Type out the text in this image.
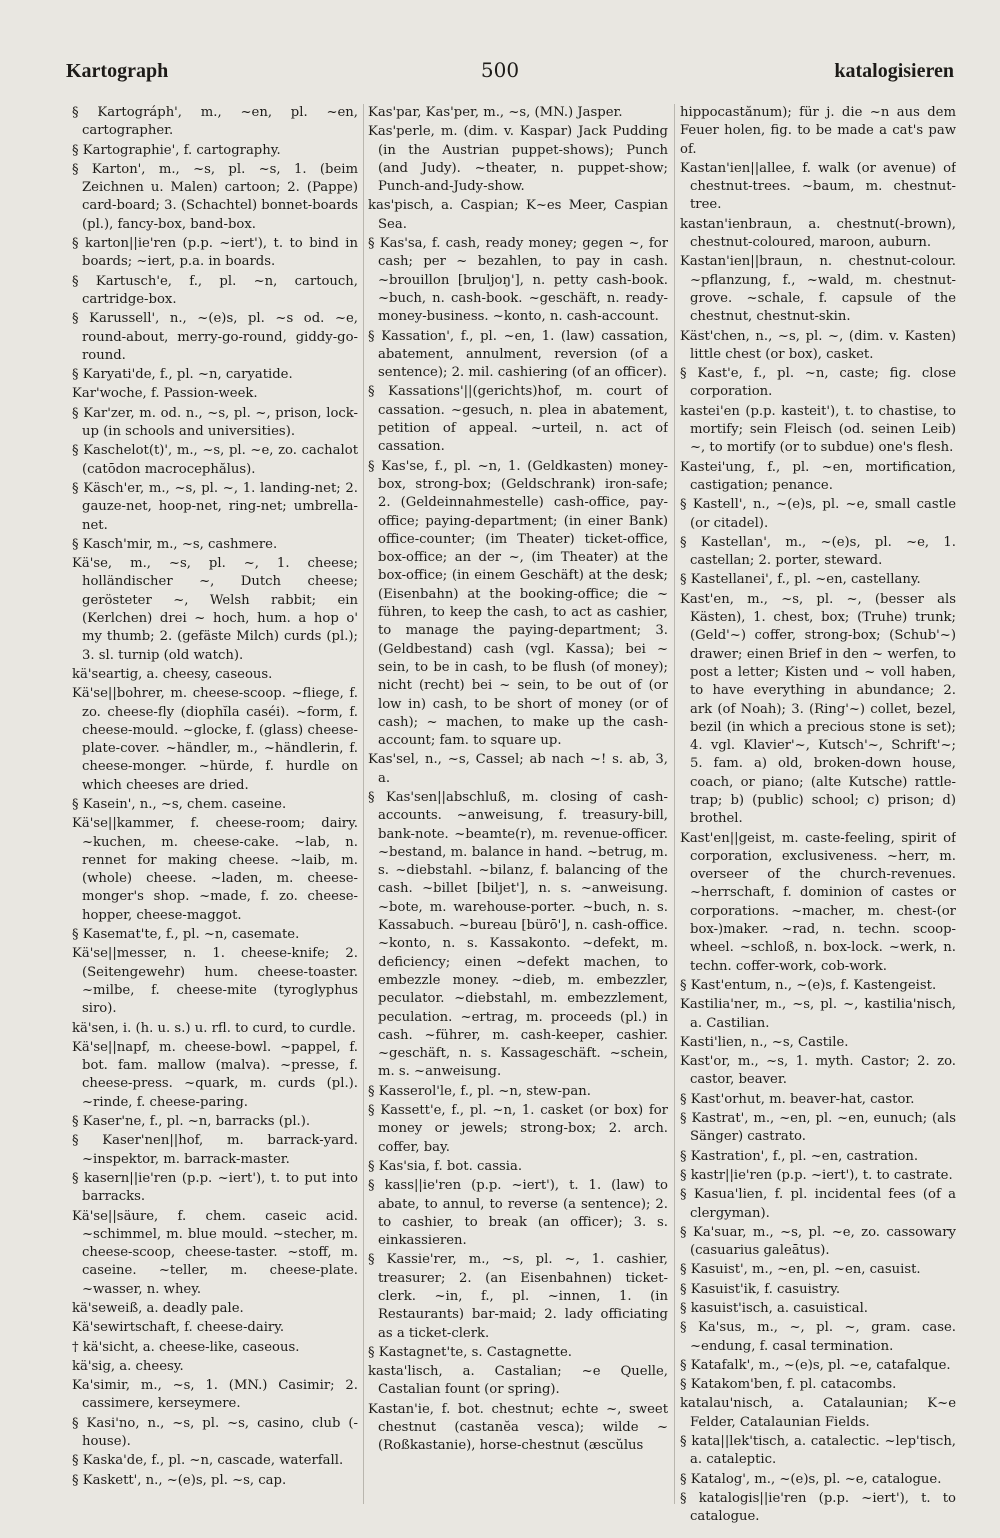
Kartograph	500	katalogisieren

§ Kartográph', m., ~en, pl. ~en, cartographer.

§ Kartographie', f. cartography.

§ Karton', m., ~s, pl. ~s, 1. (beim Zeichnen u. Malen) cartoon; 2. (Pappe) card-board; 3. (Schachtel) bonnet-boards (pl.), fancy-box, band-box.

§ karton||ie'ren (p.p. ~iert'), t. to bind in boards; ~iert, p.a. in boards.

§ Kartusch'e, f., pl. ~n, cartouch, cartridge-box.

§ Karussell', n., ~(e)s, pl. ~s od. ~e, round-about, merry-go-round, giddy-go-round.

§ Karyati'de, f., pl. ~n, caryatide.

Kar'woche, f. Passion-week.

§ Kar'zer, m. od. n., ~s, pl. ~, prison, lock-up (in schools and universities).

§ Kaschelot(t)', m., ~s, pl. ~e, zo. cachalot (catōdon macrocephălus).

§ Käsch'er, m., ~s, pl. ~, 1. landing-net; 2. gauze-net, hoop-net, ring-net; umbrella-net.

§ Kasch'mir, m., ~s, cashmere.

Kä'se, m., ~s, pl. ~, 1. cheese; holländischer ~, Dutch cheese; gerösteter ~, Welsh rabbit; ein (Kerlchen) drei ~ hoch, hum. a hop o' my thumb; 2. (gefäste Milch) curds (pl.); 3. sl. turnip (old watch).

kä'seartig, a. cheesy, caseous.

Kä'se||bohrer, m. cheese-scoop. ~fliege, f. zo. cheese-fly (diophĭla caséi). ~form, f. cheese-mould. ~glocke, f. (glass) cheese-plate-cover. ~händler, m., ~händlerin, f. cheese-monger. ~hürde, f. hurdle on which cheeses are dried.

§ Kasein', n., ~s, chem. caseine.

Kä'se||kammer, f. cheese-room; dairy. ~kuchen, m. cheese-cake. ~lab, n. rennet for making cheese. ~laib, m. (whole) cheese. ~laden, m. cheese-monger's shop. ~made, f. zo. cheese-hopper, cheese-maggot.

§ Kasemat'te, f., pl. ~n, casemate.

Kä'se||messer, n. 1. cheese-knife; 2. (Seitengewehr) hum. cheese-toaster. ~milbe, f. cheese-mite (tyroglyphus siro).

kä'sen, i. (h. u. s.) u. rfl. to curd, to curdle.

Kä'se||napf, m. cheese-bowl. ~pappel, f. bot. fam. mallow (malva). ~presse, f. cheese-press. ~quark, m. curds (pl.). ~rinde, f. cheese-paring.

§ Kaser'ne, f., pl. ~n, barracks (pl.).

§ Kaser'nen||hof, m. barrack-yard. ~inspektor, m. barrack-master.

§ kasern||ie'ren (p.p. ~iert'), t. to put into barracks.

Kä'se||säure, f. chem. caseic acid. ~schimmel, m. blue mould. ~stecher, m. cheese-scoop, cheese-taster. ~stoff, m. caseine. ~teller, m. cheese-plate. ~wasser, n. whey.

kä'seweiß, a. deadly pale.

Kä'sewirtschaft, f. cheese-dairy.

† kä'sicht, a. cheese-like, caseous.

kä'sig, a. cheesy.

Ka'simir, m., ~s, 1. (MN.) Casimir; 2. cassimere, kerseymere.

§ Kasi'no, n., ~s, pl. ~s, casino, club (-house).

§ Kaska'de, f., pl. ~n, cascade, waterfall.

§ Kaskett', n., ~(e)s, pl. ~s, cap.

Kas'par, Kas'per, m., ~s, (MN.) Jasper.

Kas'perle, m. (dim. v. Kaspar) Jack Pudding (in the Austrian puppet-shows); Punch (and Judy). ~theater, n. puppet-show; Punch-and-Judy-show.

kas'pisch, a. Caspian; K~es Meer, Caspian Sea.

§ Kas'sa, f. cash, ready money; gegen ~, for cash; per ~ bezahlen, to pay in cash. ~brouillon [bruljoŋ'], n. petty cash-book. ~buch, n. cash-book. ~geschäft, n. ready-money-business. ~konto, n. cash-account.

§ Kassation', f., pl. ~en, 1. (law) cassation, abatement, annulment, reversion (of a sentence); 2. mil. cashiering (of an officer).

§ Kassations'||(gerichts)hof, m. court of cassation. ~gesuch, n. plea in abatement, petition of appeal. ~urteil, n. act of cassation.

§ Kas'se, f., pl. ~n, 1. (Geldkasten) money-box, strong-box; (Geldschrank) iron-safe; 2. (Geldeinnahmestelle) cash-office, pay-office; paying-department; (in einer Bank) office-counter; (im Theater) ticket-office, box-office; an der ~, (im Theater) at the box-office; (in einem Geschäft) at the desk; (Eisenbahn) at the booking-office; die ~ führen, to keep the cash, to act as cashier, to manage the paying-department; 3. (Geldbestand) cash (vgl. Kassa); bei ~ sein, to be in cash, to be flush (of money); nicht (recht) bei ~ sein, to be out of (or low in) cash, to be short of money (or of cash); ~ machen, to make up the cash-account; fam. to square up.

Kas'sel, n., ~s, Cassel; ab nach ~! s. ab, 3, a.

§ Kas'sen||abschluß, m. closing of cash-accounts. ~anweisung, f. treasury-bill, bank-note. ~beamte(r), m. revenue-officer. ~bestand, m. balance in hand. ~betrug, m. s. ~diebstahl. ~bilanz, f. balancing of the cash. ~billet [bilјet'], n. s. ~anweisung. ~bote, m. warehouse-porter. ~buch, n. s. Kassabuch. ~bureau [bürō'], n. cash-office. ~konto, n. s. Kassakonto. ~defekt, m. deficiency; einen ~defekt machen, to embezzle money. ~dieb, m. embezzler, peculator. ~diebstahl, m. embezzlement, peculation. ~ertrag, m. proceeds (pl.) in cash. ~führer, m. cash-keeper, cashier. ~geschäft, n. s. Kassageschäft. ~schein, m. s. ~anweisung.

§ Kasserol'le, f., pl. ~n, stew-pan.

§ Kassett'e, f., pl. ~n, 1. casket (or box) for money or jewels; strong-box; 2. arch. coffer, bay.

§ Kas'sia, f. bot. cassia.

§ kass||ie'ren (p.p. ~iert'), t. 1. (law) to abate, to annul, to reverse (a sentence); 2. to cashier, to break (an officer); 3. s. einkassieren.

§ Kassie'rer, m., ~s, pl. ~, 1. cashier, treasurer; 2. (an Eisenbahnen) ticket-clerk. ~in, f., pl. ~innen, 1. (in Restaurants) bar-maid; 2. lady officiating as a ticket-clerk.

§ Kastagnet'te, s. Castagnette.

kasta'lisch, a. Castalian; ~e Quelle, Castalian fount (or spring).

Kastan'ie, f. bot. chestnut; echte ~, sweet chestnut (castanĕa vesca); wilde ~ (Roßkastanie), horse-chestnut (æscŭlus

hippocastănum); für j. die ~n aus dem Feuer holen, fig. to be made a cat's paw of.

Kastan'ien||allee, f. walk (or avenue) of chestnut-trees. ~baum, m. chestnut-tree.

kastan'ienbraun, a. chestnut(-brown), chestnut-coloured, maroon, auburn.

Kastan'ien||braun, n. chestnut-colour. ~pflanzung, f., ~wald, m. chestnut-grove. ~schale, f. capsule of the chestnut, chestnut-skin.

Käst'chen, n., ~s, pl. ~, (dim. v. Kasten) little chest (or box), casket.

§ Kast'e, f., pl. ~n, caste; fig. close corporation.

kastei'en (p.p. kasteit'), t. to chastise, to mortify; sein Fleisch (od. seinen Leib) ~, to mortify (or to subdue) one's flesh.

Kastei'ung, f., pl. ~en, mortification, castigation; penance.

§ Kastell', n., ~(e)s, pl. ~e, small castle (or citadel).

§ Kastellan', m., ~(e)s, pl. ~e, 1. castellan; 2. porter, steward.

§ Kastellanei', f., pl. ~en, castellany.

Kast'en, m., ~s, pl. ~, (besser als Kästen), 1. chest, box; (Truhe) trunk; (Geld'~) coffer, strong-box; (Schub'~) drawer; einen Brief in den ~ werfen, to post a letter; Kisten und ~ voll haben, to have everything in abundance; 2. ark (of Noah); 3. (Ring'~) collet, bezel, bezil (in which a precious stone is set); 4. vgl. Klavier'~, Kutsch'~, Schrift'~; 5. fam. a) old, broken-down house, coach, or piano; (alte Kutsche) rattle-trap; b) (public) school; c) prison; d) brothel.

Kast'en||geist, m. caste-feeling, spirit of corporation, exclusiveness. ~herr, m. overseer of the church-revenues. ~herrschaft, f. dominion of castes or corporations. ~macher, m. chest-(or box-)maker. ~rad, n. techn. scoop-wheel. ~schloß, n. box-lock. ~werk, n. techn. coffer-work, cob-work.

§ Kast'entum, n., ~(e)s, f. Kastengeist.

Kastilia'ner, m., ~s, pl. ~, kastilia'nisch, a. Castilian.

Kasti'lien, n., ~s, Castile.

Kast'or, m., ~s, 1. myth. Castor; 2. zo. castor, beaver.

§ Kast'orhut, m. beaver-hat, castor.

§ Kastrat', m., ~en, pl. ~en, eunuch; (als Sänger) castrato.

§ Kastration', f., pl. ~en, castration.

§ kastr||ie'ren (p.p. ~iert'), t. to castrate.

§ Kasua'lien, f. pl. incidental fees (of a clergyman).

§ Ka'suar, m., ~s, pl. ~e, zo. cassowary (casuarius galeātus).

§ Kasuist', m., ~en, pl. ~en, casuist.

§ Kasuist'ik, f. casuistry.

§ kasuist'isch, a. casuistical.

§ Ka'sus, m., ~, pl. ~, gram. case. ~endung, f. casal termination.

§ Katafalk', m., ~(e)s, pl. ~e, catafalque.

§ Katakom'ben, f. pl. catacombs.

katalau'nisch, a. Catalaunian; K~e Felder, Catalaunian Fields.

§ kata||lek'tisch, a. catalectic. ~lep'tisch, a. cataleptic.

§ Katalog', m., ~(e)s, pl. ~e, catalogue.

§ katalogis||ie'ren (p.p. ~iert'), t. to catalogue.
